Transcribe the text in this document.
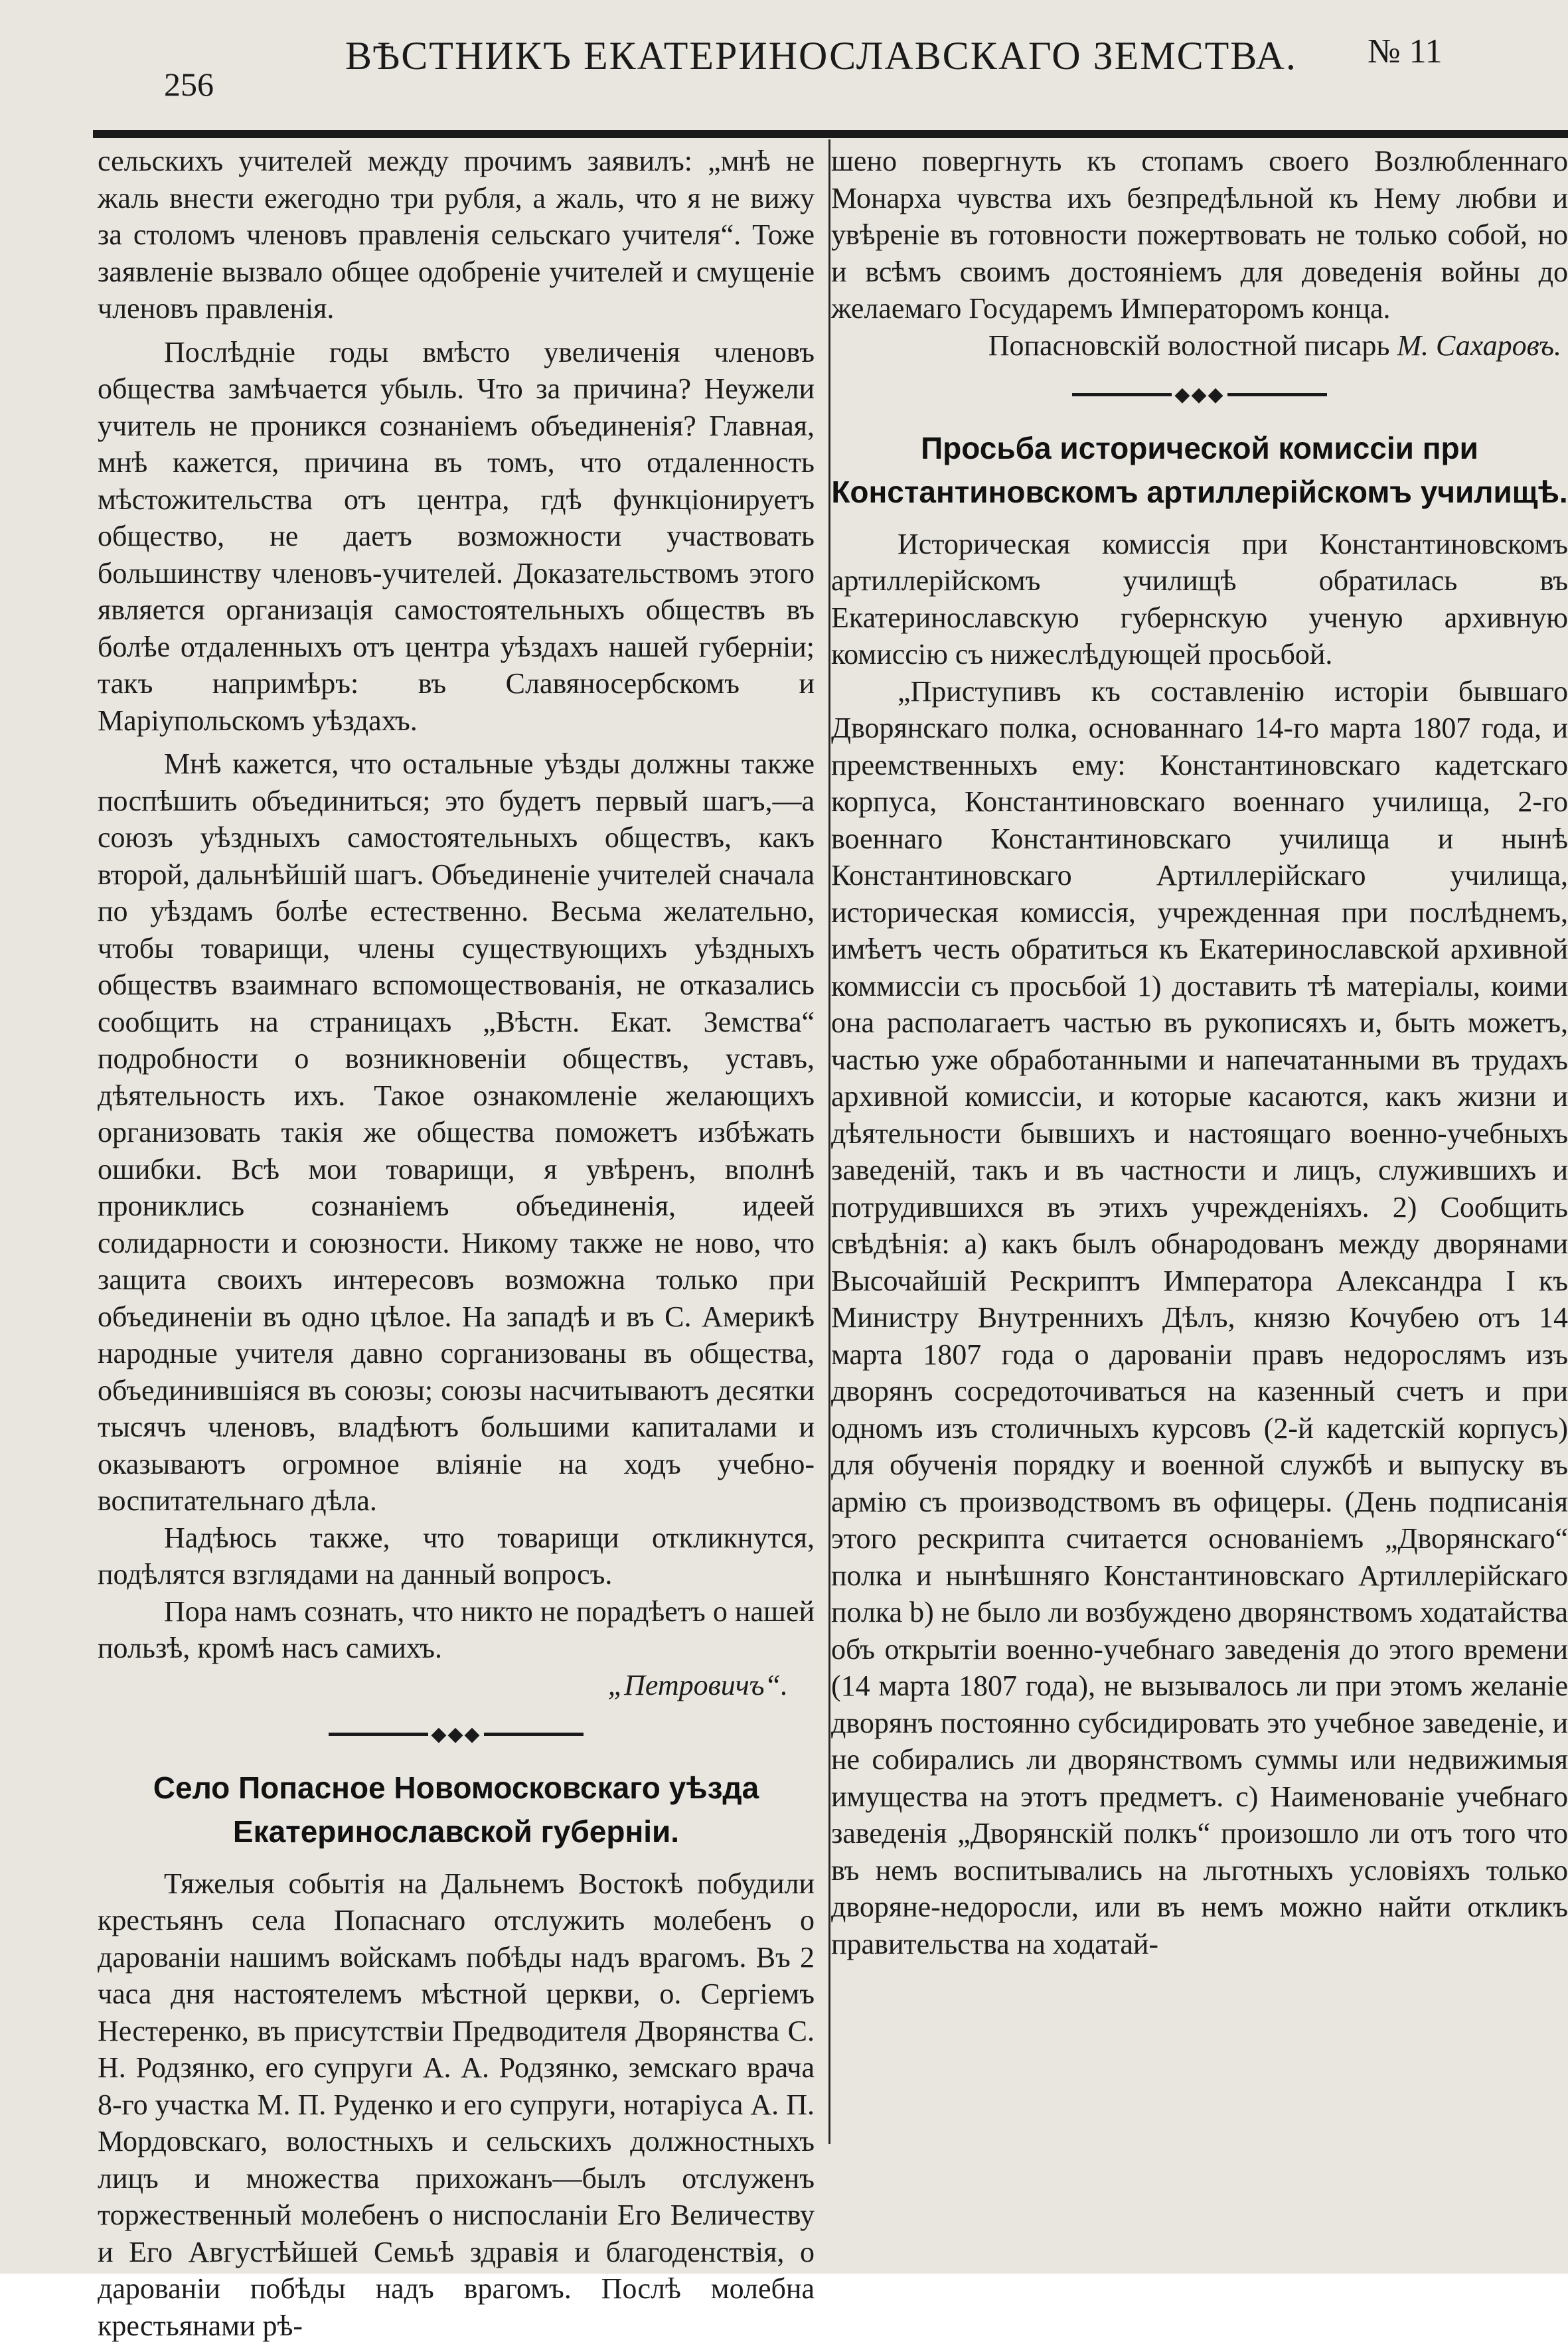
256
ВѢСТНИКЪ ЕКАТЕРИНОСЛАВСКАГО ЗЕМСТВА.	№ 11

сельскихъ учителей между прочимъ заявилъ: „мнѣ не жаль внести ежегодно три рубля, а жаль, что я не вижу за столомъ членовъ правленія сельскаго учителя“. Тоже заявленіе вызвало общее одобреніе учителей и смущеніе членовъ правленія.

Послѣдніе годы вмѣсто увеличенія членовъ общества замѣчается убыль. Что за причина? Неужели учитель не проникся сознаніемъ объединенія? Главная, мнѣ кажется, причина въ томъ, что отдаленность мѣстожительства отъ центра, гдѣ функціонируетъ общество, не даетъ возможности участвовать большинству членовъ-учителей. Доказательствомъ этого является организація самостоятельныхъ обществъ въ болѣе отдаленныхъ отъ центра уѣздахъ нашей губерніи; такъ напримѣръ: въ Славяносербскомъ и Маріупольскомъ уѣздахъ.

Мнѣ кажется, что остальные уѣзды должны также поспѣшить объединиться; это будетъ первый шагъ,—а союзъ уѣздныхъ самостоятельныхъ обществъ, какъ второй, дальнѣйшій шагъ. Объединеніе учителей сначала по уѣздамъ болѣе естественно. Весьма желательно, чтобы товарищи, члены существующихъ уѣздныхъ обществъ взаимнаго вспомоществованія, не отказались сообщить на страницахъ „Вѣстн. Екат. Земства“ подробности о возникновеніи обществъ, уставъ, дѣятельность ихъ. Такое ознакомленіе желающихъ организовать такія же общества поможетъ избѣжать ошибки. Всѣ мои товарищи, я увѣренъ, вполнѣ прониклись сознаніемъ объединенія, идеей солидарности и союзности. Никому также не ново, что защита своихъ интересовъ возможна только при объединеніи въ одно цѣлое. На западѣ и въ С. Америкѣ народные учителя давно сорганизованы въ общества, объединившіяся въ союзы; союзы насчитываютъ десятки тысячъ членовъ, владѣютъ большими капиталами и оказываютъ огромное вліяніе на ходъ учебно-воспитательнаго дѣла.

Надѣюсь также, что товарищи откликнутся, подѣлятся взглядами на данный вопросъ.

Пора намъ сознать, что никто не порадѣетъ о нашей пользѣ, кромѣ насъ самихъ.

„Петровичъ“.

◆◆◆
Село Попасное Новомосковскаго уѣзда Екатеринославской губерніи.

Тяжелыя событія на Дальнемъ Востокѣ побудили крестьянъ села Попаснаго отслужить молебенъ о дарованіи нашимъ войскамъ побѣды надъ врагомъ. Въ 2 часа дня настоятелемъ мѣстной церкви, о. Сергіемъ Нестеренко, въ присутствіи Предводителя Дворянства С. Н. Родзянко, его супруги А. А. Родзянко, земскаго врача 8-го участка М. П. Руденко и его супруги, нотаріуса А. П. Мордовскаго, волостныхъ и сельскихъ должностныхъ лицъ и множества прихожанъ—былъ отслуженъ торжественный молебенъ о ниспосланіи Его Величеству и Его Августѣйшей Семьѣ здравія и благоденствія, о дарованіи побѣды надъ врагомъ. Послѣ молебна крестьянами рѣ-

шено повергнуть къ стопамъ своего Возлюбленнаго Монарха чувства ихъ безпредѣльной къ Нему любви и увѣреніе въ готовности пожертвовать не только собой, но и всѣмъ своимъ достояніемъ для доведенія войны до желаемаго Государемъ Императоромъ конца.

Попасновскій волостной писарь М. Сахаровъ.

◆◆◆
Просьба исторической комиссіи при Константиновскомъ артиллерійскомъ училищѣ.

Историческая комиссія при Константиновскомъ артиллерійскомъ училищѣ обратилась въ Екатеринославскую губернскую ученую архивную комиссію съ нижеслѣдующей просьбой.

„Приступивъ къ составленію исторіи бывшаго Дворянскаго полка, основаннаго 14-го марта 1807 года, и преемственныхъ ему: Константиновскаго кадетскаго корпуса, Константиновскаго военнаго училища, 2-го военнаго Константиновскаго училища и нынѣ Константиновскаго Артиллерійскаго училища, историческая комиссія, учрежденная при послѣднемъ, имѣетъ честь обратиться къ Екатеринославской архивной коммиссіи съ просьбой 1) доставить тѣ матеріалы, коими она располагаетъ частью въ рукописяхъ и, быть можетъ, частью уже обработанными и напечатанными въ трудахъ архивной комиссіи, и которые касаются, какъ жизни и дѣятельности бывшихъ и настоящаго военно-учебныхъ заведеній, такъ и въ частности и лицъ, служившихъ и потрудившихся въ этихъ учрежденіяхъ. 2) Сообщить свѣдѣнія: а) какъ былъ обнародованъ между дворянами Высочайшій Рескриптъ Императора Александра I къ Министру Внутреннихъ Дѣлъ, князю Кочубею отъ 14 марта 1807 года о дарованіи правъ недорослямъ изъ дворянъ сосредоточиваться на казенный счетъ и при одномъ изъ столичныхъ курсовъ (2-й кадетскій корпусъ) для обученія порядку и военной службѣ и выпуску въ армію съ производствомъ въ офицеры. (День подписанія этого рескрипта считается основаніемъ „Дворянскаго“ полка и нынѣшняго Константиновскаго Артиллерійскаго полка b) не было ли возбуждено дворянствомъ ходатайства объ открытіи военно-учебнаго заведенія до этого времени (14 марта 1807 года), не вызывалось ли при этомъ желаніе дворянъ постоянно субсидировать это учебное заведеніе, и не собирались ли дворянствомъ суммы или недвижимыя имущества на этотъ предметъ. с) Наименованіе учебнаго заведенія „Дворянскій полкъ“ произошло ли отъ того что въ немъ воспитывались на льготныхъ условіяхъ только дворяне-недоросли, или въ немъ можно найти откликъ правительства на ходатай-
